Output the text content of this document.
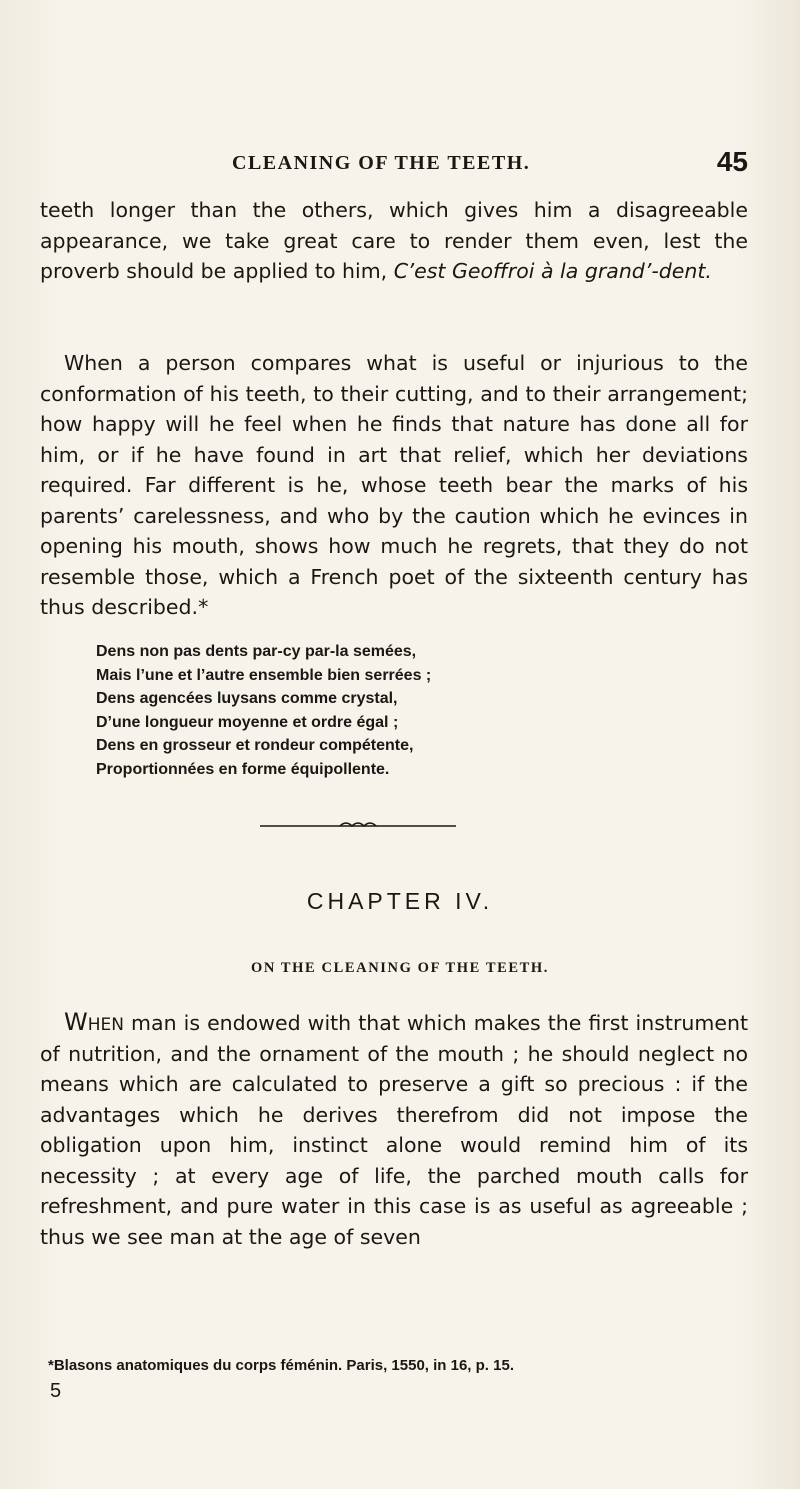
CLEANING OF THE TEETH.	45
teeth longer than the others, which gives him a disagreeable appearance, we take great care to render them even, lest the proverb should be applied to him, C’est Geoffroi à la grand’-dent.
When a person compares what is useful or injurious to the conformation of his teeth, to their cutting, and to their arrangement; how happy will he feel when he finds that nature has done all for him, or if he have found in art that relief, which her deviations required. Far different is he, whose teeth bear the marks of his parents’ carelessness, and who by the caution which he evinces in opening his mouth, shows how much he regrets, that they do not resemble those, which a French poet of the sixteenth century has thus described.*
Dens non pas dents par-cy par-la semées,
Mais l’une et l’autre ensemble bien serrées ;
Dens agencées luysans comme crystal,
D’une longueur moyenne et ordre égal ;
Dens en grosseur et rondeur compétente,
Proportionnées en forme équipollente.
CHAPTER IV.
ON THE CLEANING OF THE TEETH.
When man is endowed with that which makes the first instrument of nutrition, and the ornament of the mouth ; he should neglect no means which are calculated to preserve a gift so precious : if the advantages which he derives therefrom did not impose the obligation upon him, instinct alone would remind him of its necessity ; at every age of life, the parched mouth calls for refreshment, and pure water in this case is as useful as agreeable ; thus we see man at the age of seven
*Blasons anatomiques du corps féménin. Paris, 1550, in 16, p. 15.
5
